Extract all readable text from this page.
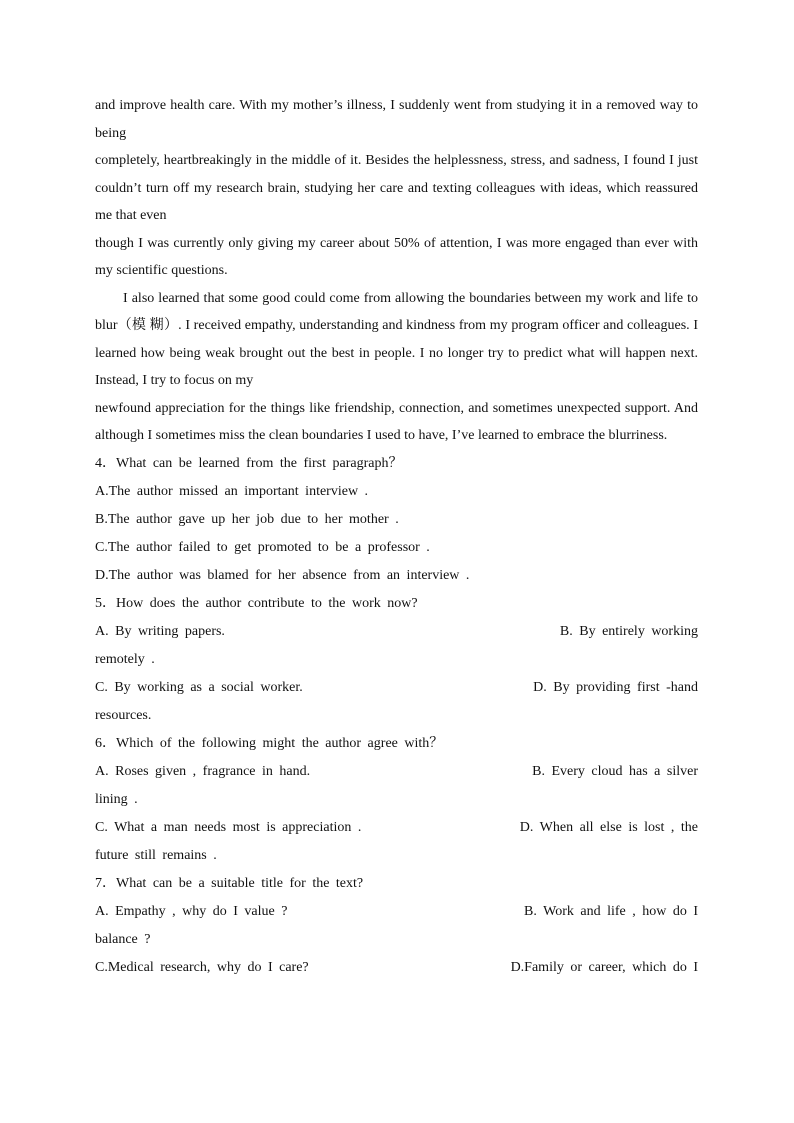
and improve health care. With my mother’s illness, I suddenly went from studying it in a removed way to being

completely, heartbreakingly in the middle of it. Besides the helplessness, stress, and sadness, I found I just couldn’t turn off my research brain, studying her care and texting colleagues with ideas, which reassured me that even

though I was currently only giving my career about 50% of attention, I was more engaged than ever with my scientific questions.

I also learned that some good could come from allowing the boundaries between my work and life to blur（模 糊）. I received empathy, understanding and kindness from my program officer and colleagues. I learned how being weak brought out the best in people. I no longer try to predict what will happen next. Instead, I try to focus on my

newfound appreciation for the things like friendship, connection, and sometimes unexpected support. And although I sometimes miss the clean boundaries I used to have, I’ve learned to embrace the blurriness.

4．What can be learned from the first paragraph？

A.The author missed an important interview .
B.The author gave up her job due to her mother .
C.The author failed to get promoted to be a professor .
D.The author was blamed for her absence from an interview .

5．How does the author contribute to the work now?

A. By writing papers.	B. By entirely working
remotely .
C. By working as a social worker.	D. By providing first -hand
resources.

6．Which of the following might the author agree with？

A. Roses given , fragrance in hand.	B. Every cloud has a silver
lining .
C. What a man needs most is appreciation .	D. When all else is lost , the
future still remains .

7．What can be a suitable title for the text?

A. Empathy , why do I value ?	B. Work and life , how do I
balance ?
C.Medical research, why do I care?	D.Family or career, which do I
